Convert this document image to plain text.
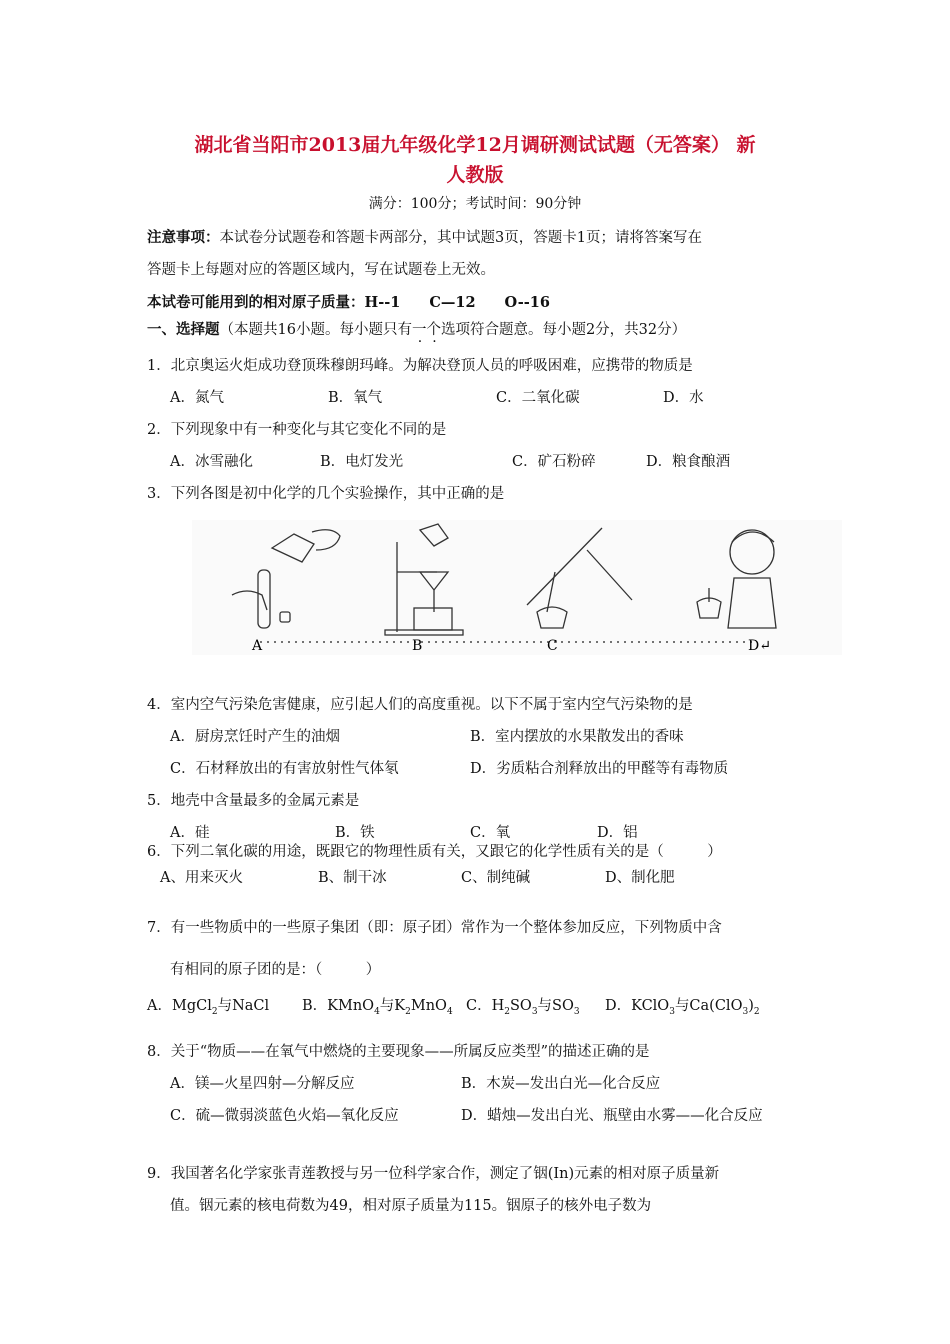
湖北省当阳市2013届九年级化学12月调研测试试题（无答案） 新
人教版
满分：100分；考试时间：90分钟
注意事项：本试卷分试题卷和答题卡两部分，其中试题3页，答题卡1页；请将答案写在
答题卡上每题对应的答题区域内，写在试题卷上无效。
本试卷可能用到的相对原子质量：H--1　　C—12　　O--16
一、选择题（本题共16小题。每小题只有一个选项符合题意。每小题2分，共32分）
1．北京奥运火炬成功登顶珠穆朗玛峰。为解决登顶人员的呼吸困难，应携带的物质是
A．氮气	B．氧气	C．二氧化碳	D．水
2．下列现象中有一种变化与其它变化不同的是
A．冰雪融化	B．电灯发光	C．矿石粉碎	D．粮食酿酒
3．下列各图是初中化学的几个实验操作，其中正确的是
A	B	C	D↵
4．室内空气污染危害健康，应引起人们的高度重视。以下不属于室内空气污染物的是
A．厨房烹饪时产生的油烟	B．室内摆放的水果散发出的香味
C．石材释放出的有害放射性气体氡	D．劣质粘合剂释放出的甲醛等有毒物质
5．地壳中含量最多的金属元素是
A．硅	B．铁	C．氧	D．铝
6．下列二氧化碳的用途，既跟它的物理性质有关，又跟它的化学性质有关的是（　　　）
A、用来灭火	B、制干冰	C、制纯碱	D、制化肥
7．有一些物质中的一些原子集团（即：原子团）常作为一个整体参加反应，下列物质中含
有相同的原子团的是：（　　　）
A．MgCl$_2$与NaCl B．KMnO$_4$与$K_2MnO_4$ C．$H_2SO_3$与$SO_3$ D．KClO$_3$与$Ca(ClO_3)_2$
8．关于“物质——在氧气中燃烧的主要现象——所属反应类型”的描述正确的是
A．镁—火星四射—分解反应	B．木炭—发出白光—化合反应
C．硫—微弱淡蓝色火焰—氧化反应	D．蜡烛—发出白光、瓶壁由水雾——化合反应
9．我国著名化学家张青莲教授与另一位科学家合作，测定了铟(In)元素的相对原子质量新
值。铟元素的核电荷数为49，相对原子质量为115。铟原子的核外电子数为
